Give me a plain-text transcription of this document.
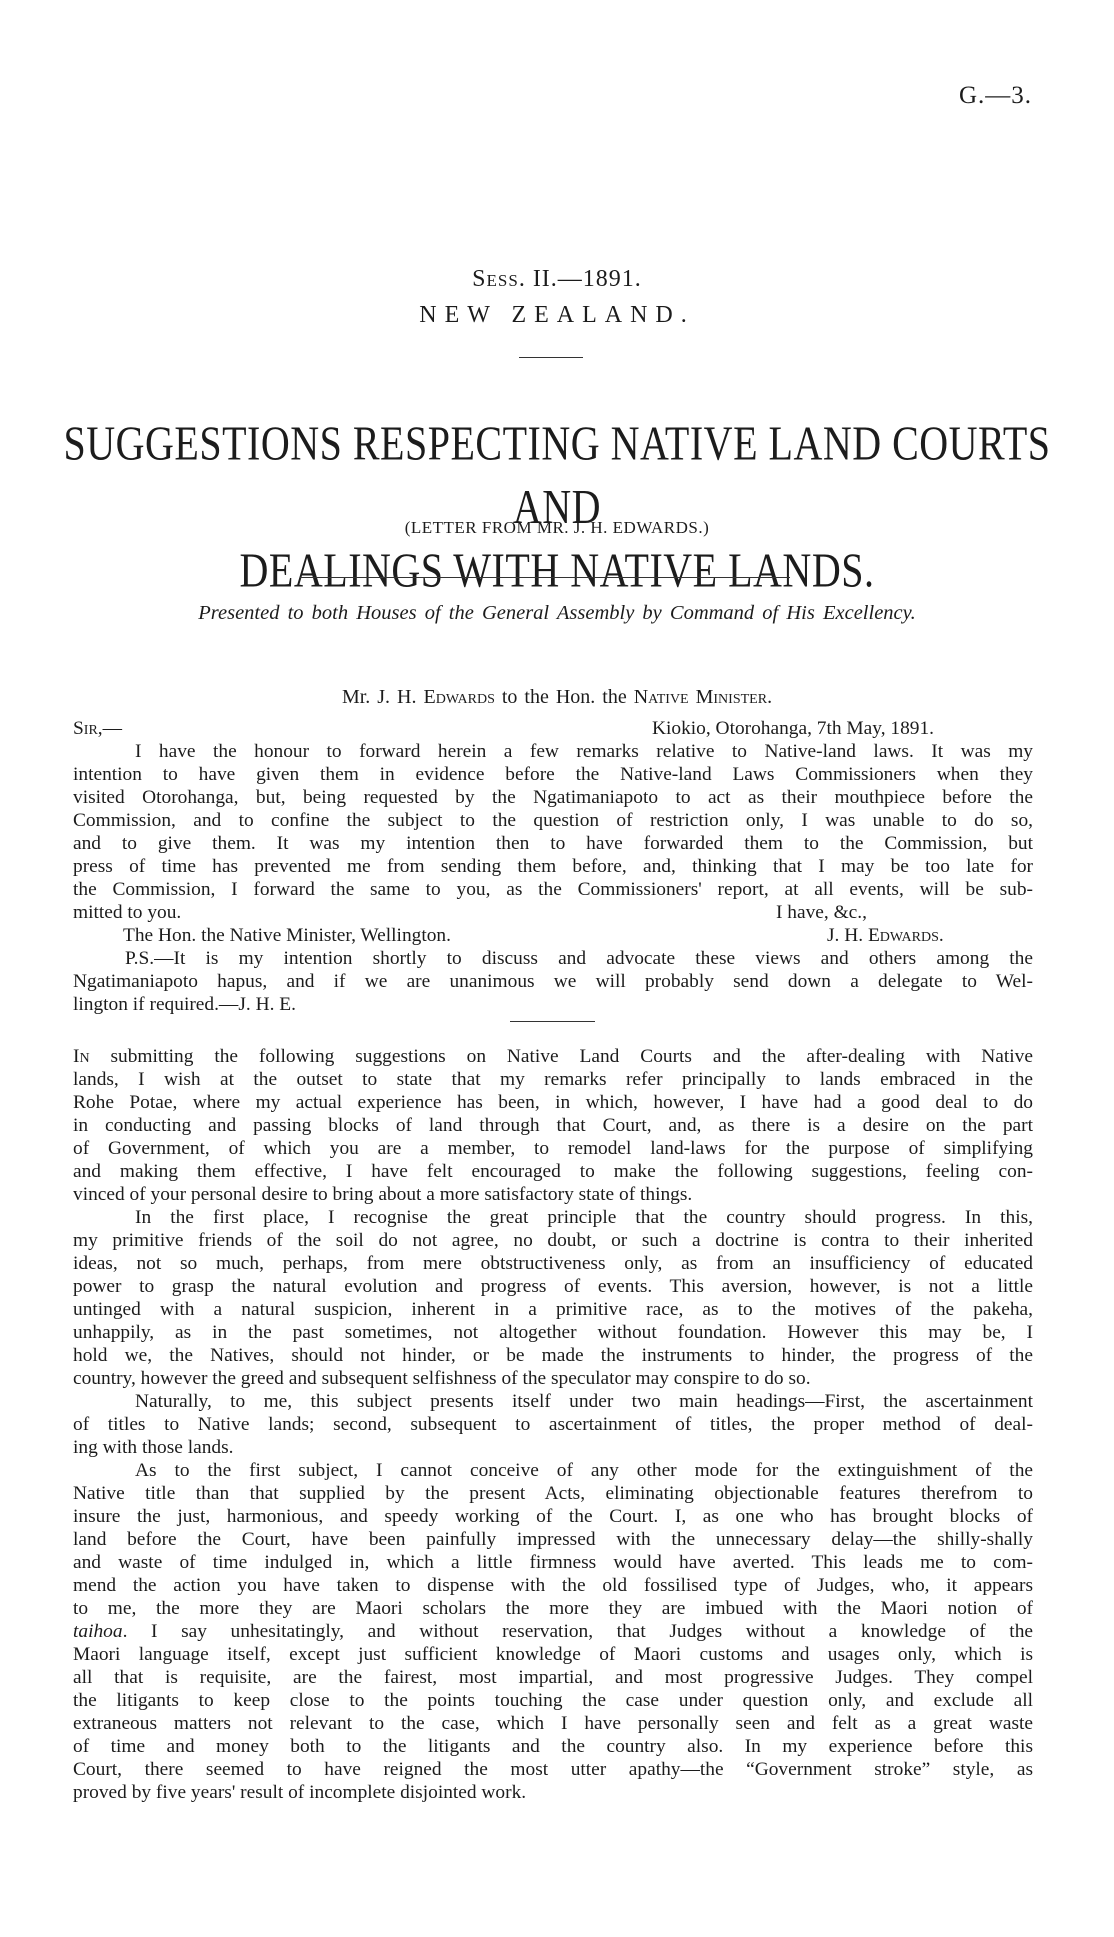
G.—3.
Sess. II.—1891.
NEW ZEALAND.
SUGGESTIONS RESPECTING NATIVE LAND COURTS AND
DEALINGS WITH NATIVE LANDS.
(LETTER FROM MR. J. H. EDWARDS.)
Presented to both Houses of the General Assembly by Command of His Excellency.
Mr. J. H. Edwards to the Hon. the Native Minister.
Sir,—	Kiokio, Otorohanga, 7th May, 1891.
I have the honour to forward herein a few remarks relative to Native-land laws. It was my
intention to have given them in evidence before the Native-land Laws Commissioners when they
visited Otorohanga, but, being requested by the Ngatimaniapoto to act as their mouthpiece before the
Commission, and to confine the subject to the question of restriction only, I was unable to do so,
and to give them. It was my intention then to have forwarded them to the Commission, but
press of time has prevented me from sending them before, and, thinking that I may be too late for
the Commission, I forward the same to you, as the Commissioners' report, at all events, will be sub-
mitted to you.	I have, &c.,
The Hon. the Native Minister, Wellington.	J. H. Edwards.
P.S.—It is my intention shortly to discuss and advocate these views and others among the
Ngatimaniapoto hapus, and if we are unanimous we will probably send down a delegate to Wel-
lington if required.—J. H. E.
In submitting the following suggestions on Native Land Courts and the after-dealing with Native
lands, I wish at the outset to state that my remarks refer principally to lands embraced in the
Rohe Potae, where my actual experience has been, in which, however, I have had a good deal to do
in conducting and passing blocks of land through that Court, and, as there is a desire on the part
of Government, of which you are a member, to remodel land-laws for the purpose of simplifying
and making them effective, I have felt encouraged to make the following suggestions, feeling con-
vinced of your personal desire to bring about a more satisfactory state of things.
In the first place, I recognise the great principle that the country should progress. In this,
my primitive friends of the soil do not agree, no doubt, or such a doctrine is contra to their inherited
ideas, not so much, perhaps, from mere obtstructiveness only, as from an insufficiency of educated
power to grasp the natural evolution and progress of events. This aversion, however, is not a little
untinged with a natural suspicion, inherent in a primitive race, as to the motives of the pakeha,
unhappily, as in the past sometimes, not altogether without foundation. However this may be, I
hold we, the Natives, should not hinder, or be made the instruments to hinder, the progress of the
country, however the greed and subsequent selfishness of the speculator may conspire to do so.
Naturally, to me, this subject presents itself under two main headings—First, the ascertainment
of titles to Native lands; second, subsequent to ascertainment of titles, the proper method of deal-
ing with those lands.
As to the first subject, I cannot conceive of any other mode for the extinguishment of the
Native title than that supplied by the present Acts, eliminating objectionable features therefrom to
insure the just, harmonious, and speedy working of the Court. I, as one who has brought blocks of
land before the Court, have been painfully impressed with the unnecessary delay—the shilly-shally
and waste of time indulged in, which a little firmness would have averted. This leads me to com-
mend the action you have taken to dispense with the old fossilised type of Judges, who, it appears
to me, the more they are Maori scholars the more they are imbued with the Maori notion of
taihoa. I say unhesitatingly, and without reservation, that Judges without a knowledge of the
Maori language itself, except just sufficient knowledge of Maori customs and usages only, which is
all that is requisite, are the fairest, most impartial, and most progressive Judges. They compel
the litigants to keep close to the points touching the case under question only, and exclude all
extraneous matters not relevant to the case, which I have personally seen and felt as a great waste
of time and money both to the litigants and the country also. In my experience before this
Court, there seemed to have reigned the most utter apathy—the “Government stroke” style, as
proved by five years' result of incomplete disjointed work.
